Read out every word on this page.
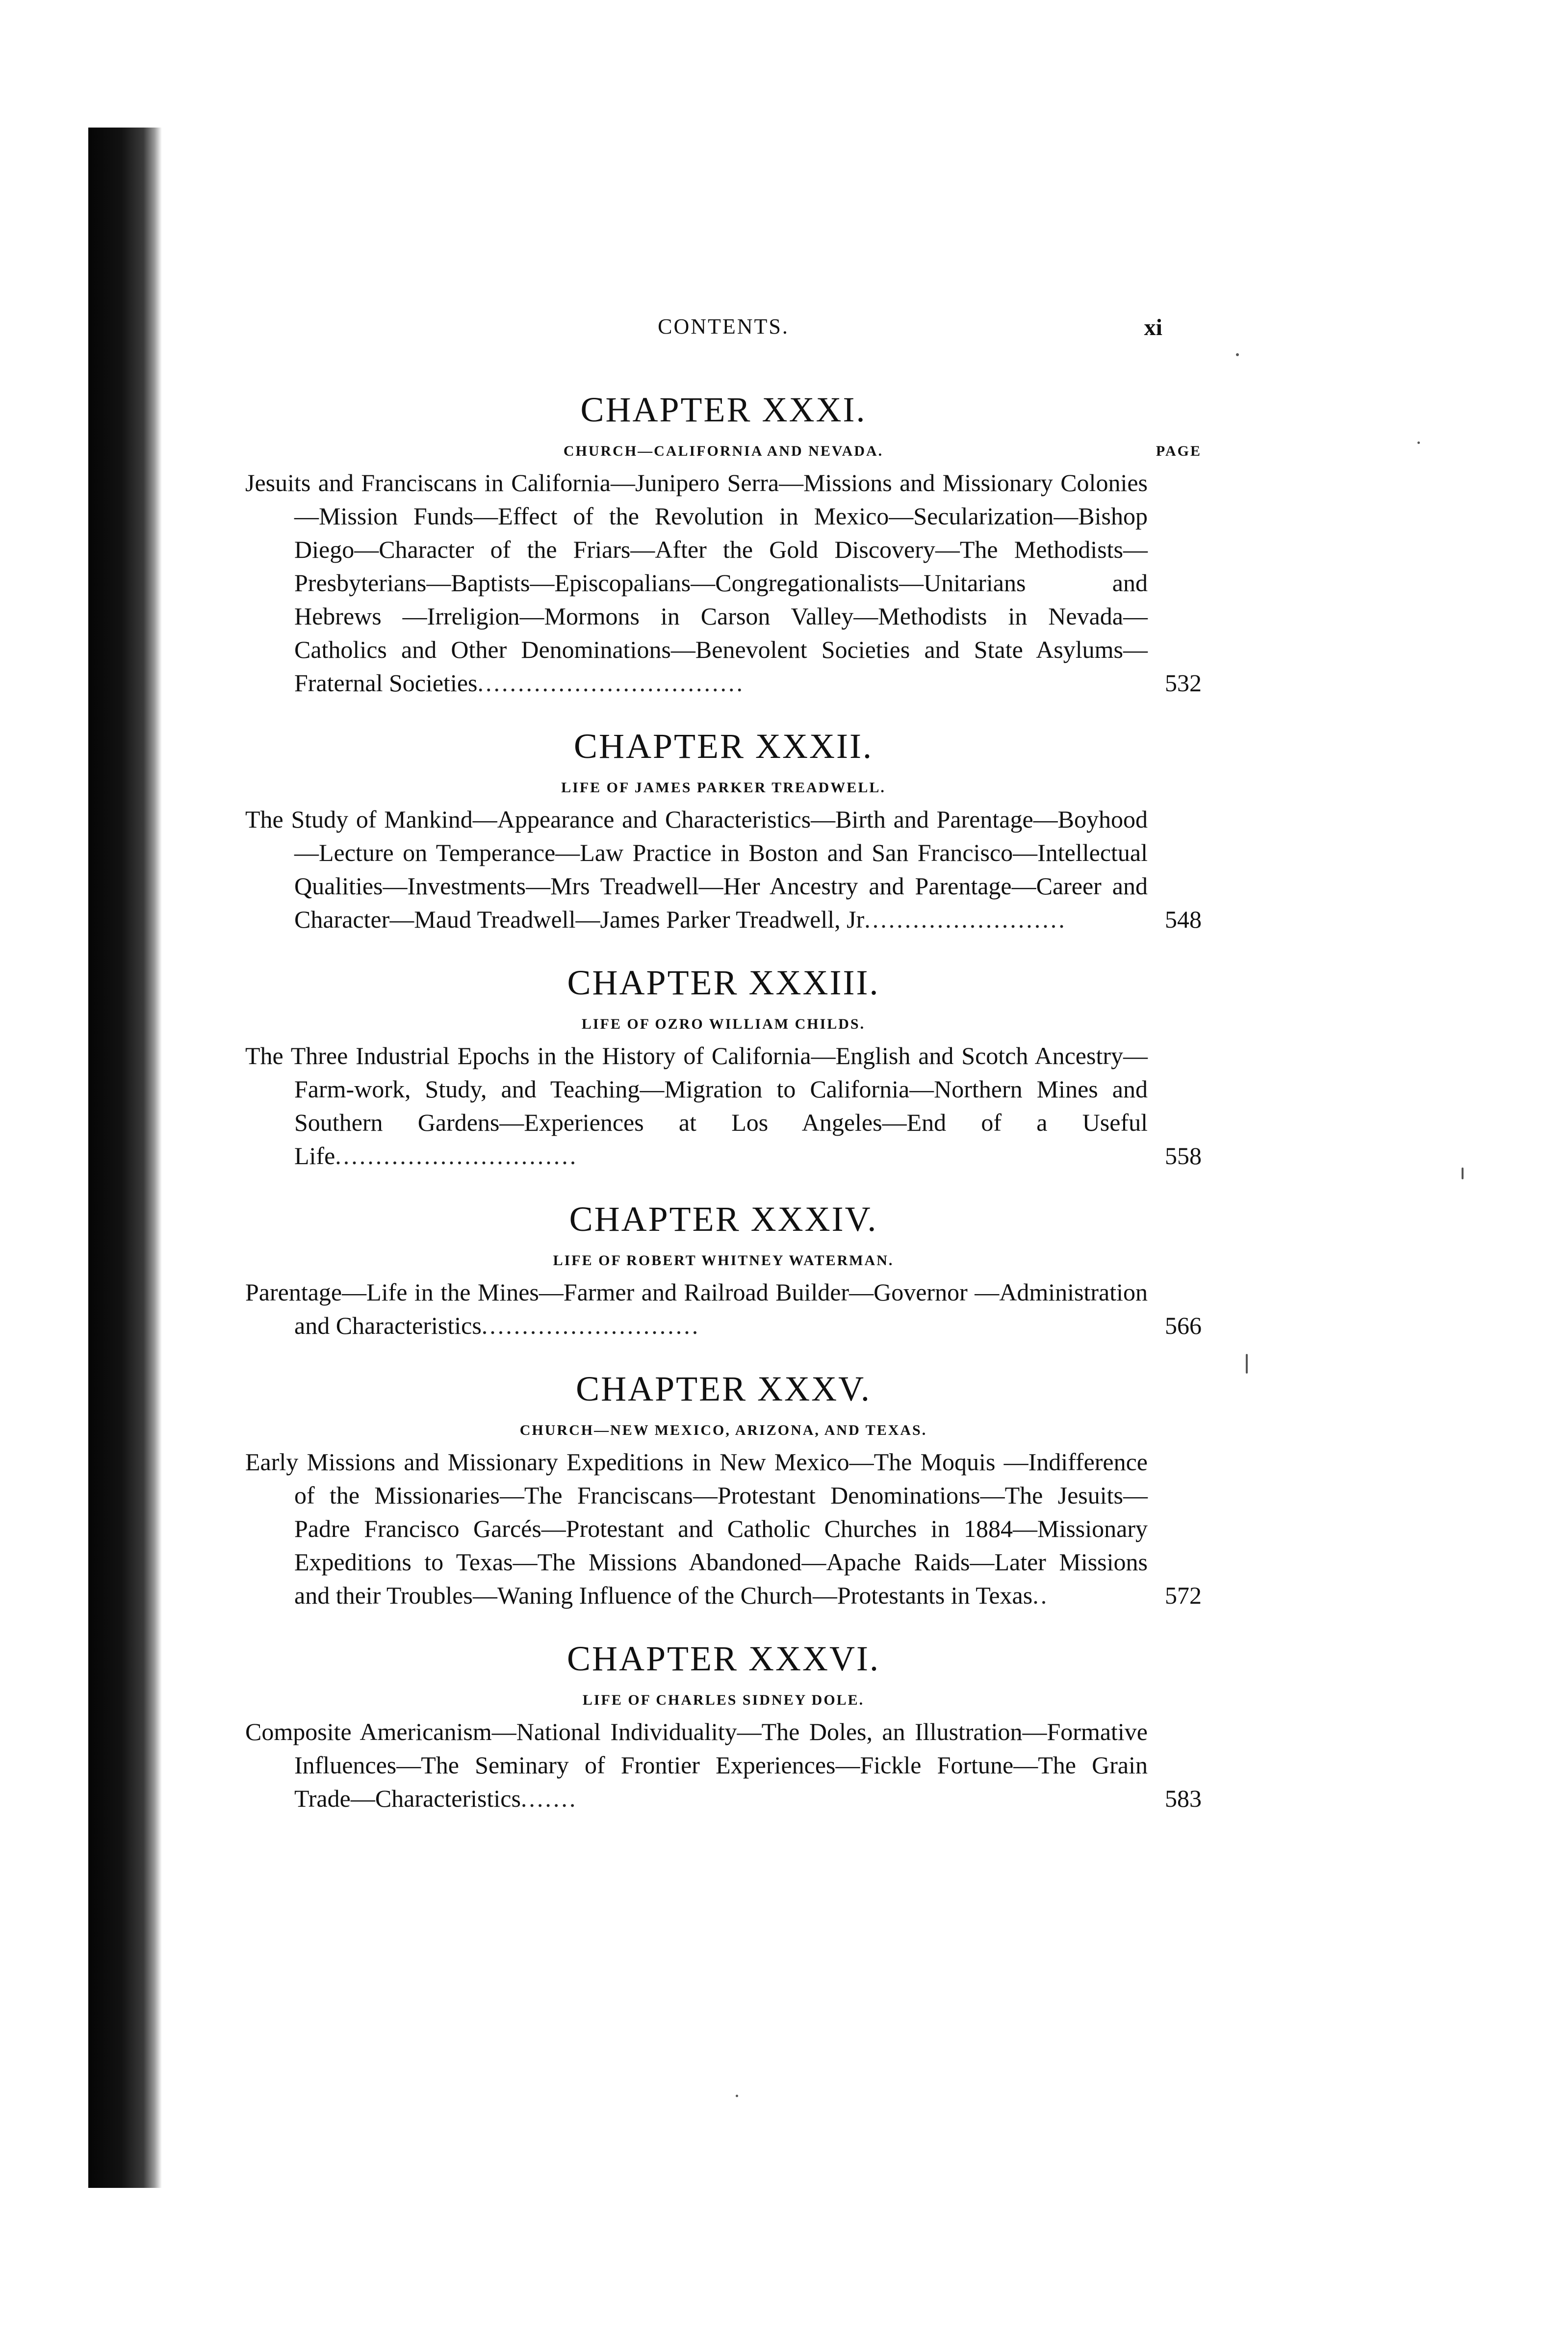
CONTENTS.	xi
CHAPTER XXXI.
CHURCH—CALIFORNIA AND NEVADA.	PAGE
Jesuits and Franciscans in California—Junipero Serra—Missions and Missionary Colonies—Mission Funds—Effect of the Revolution in Mexico—Secularization—Bishop Diego—Character of the Friars—After the Gold Discovery—The Methodists—Presbyterians—Baptists—Episcopalians—Congregationalists—Unitarians and Hebrews —Irreligion—Mormons in Carson Valley—Methodists in Nevada—Catholics and Other Denominations—Benevolent Societies and State Asylums—Fraternal Societies.................................	532
CHAPTER XXXII.
LIFE OF JAMES PARKER TREADWELL.
The Study of Mankind—Appearance and Characteristics—Birth and Parentage—Boyhood—Lecture on Temperance—Law Practice in Boston and San Francisco—Intellectual Qualities—Investments—Mrs Treadwell—Her Ancestry and Parentage—Career and Character—Maud Treadwell—James Parker Treadwell, Jr.........................	548
CHAPTER XXXIII.
LIFE OF OZRO WILLIAM CHILDS.
The Three Industrial Epochs in the History of California—English and Scotch Ancestry—Farm-work, Study, and Teaching—Migration to California—Northern Mines and Southern Gardens—Experiences at Los Angeles—End of a Useful Life..............................	558
CHAPTER XXXIV.
LIFE OF ROBERT WHITNEY WATERMAN.
Parentage—Life in the Mines—Farmer and Railroad Builder—Governor —Administration and Characteristics...........................	566
CHAPTER XXXV.
CHURCH—NEW MEXICO, ARIZONA, AND TEXAS.
Early Missions and Missionary Expeditions in New Mexico—The Moquis —Indifference of the Missionaries—The Franciscans—Protestant Denominations—The Jesuits—Padre Francisco Garcés—Protestant and Catholic Churches in 1884—Missionary Expeditions to Texas—The Missions Abandoned—Apache Raids—Later Missions and their Troubles—Waning Influence of the Church—Protestants in Texas..	572
CHAPTER XXXVI.
LIFE OF CHARLES SIDNEY DOLE.
Composite Americanism—National Individuality—The Doles, an Illustration—Formative Influences—The Seminary of Frontier Experiences—Fickle Fortune—The Grain Trade—Characteristics.......	583
